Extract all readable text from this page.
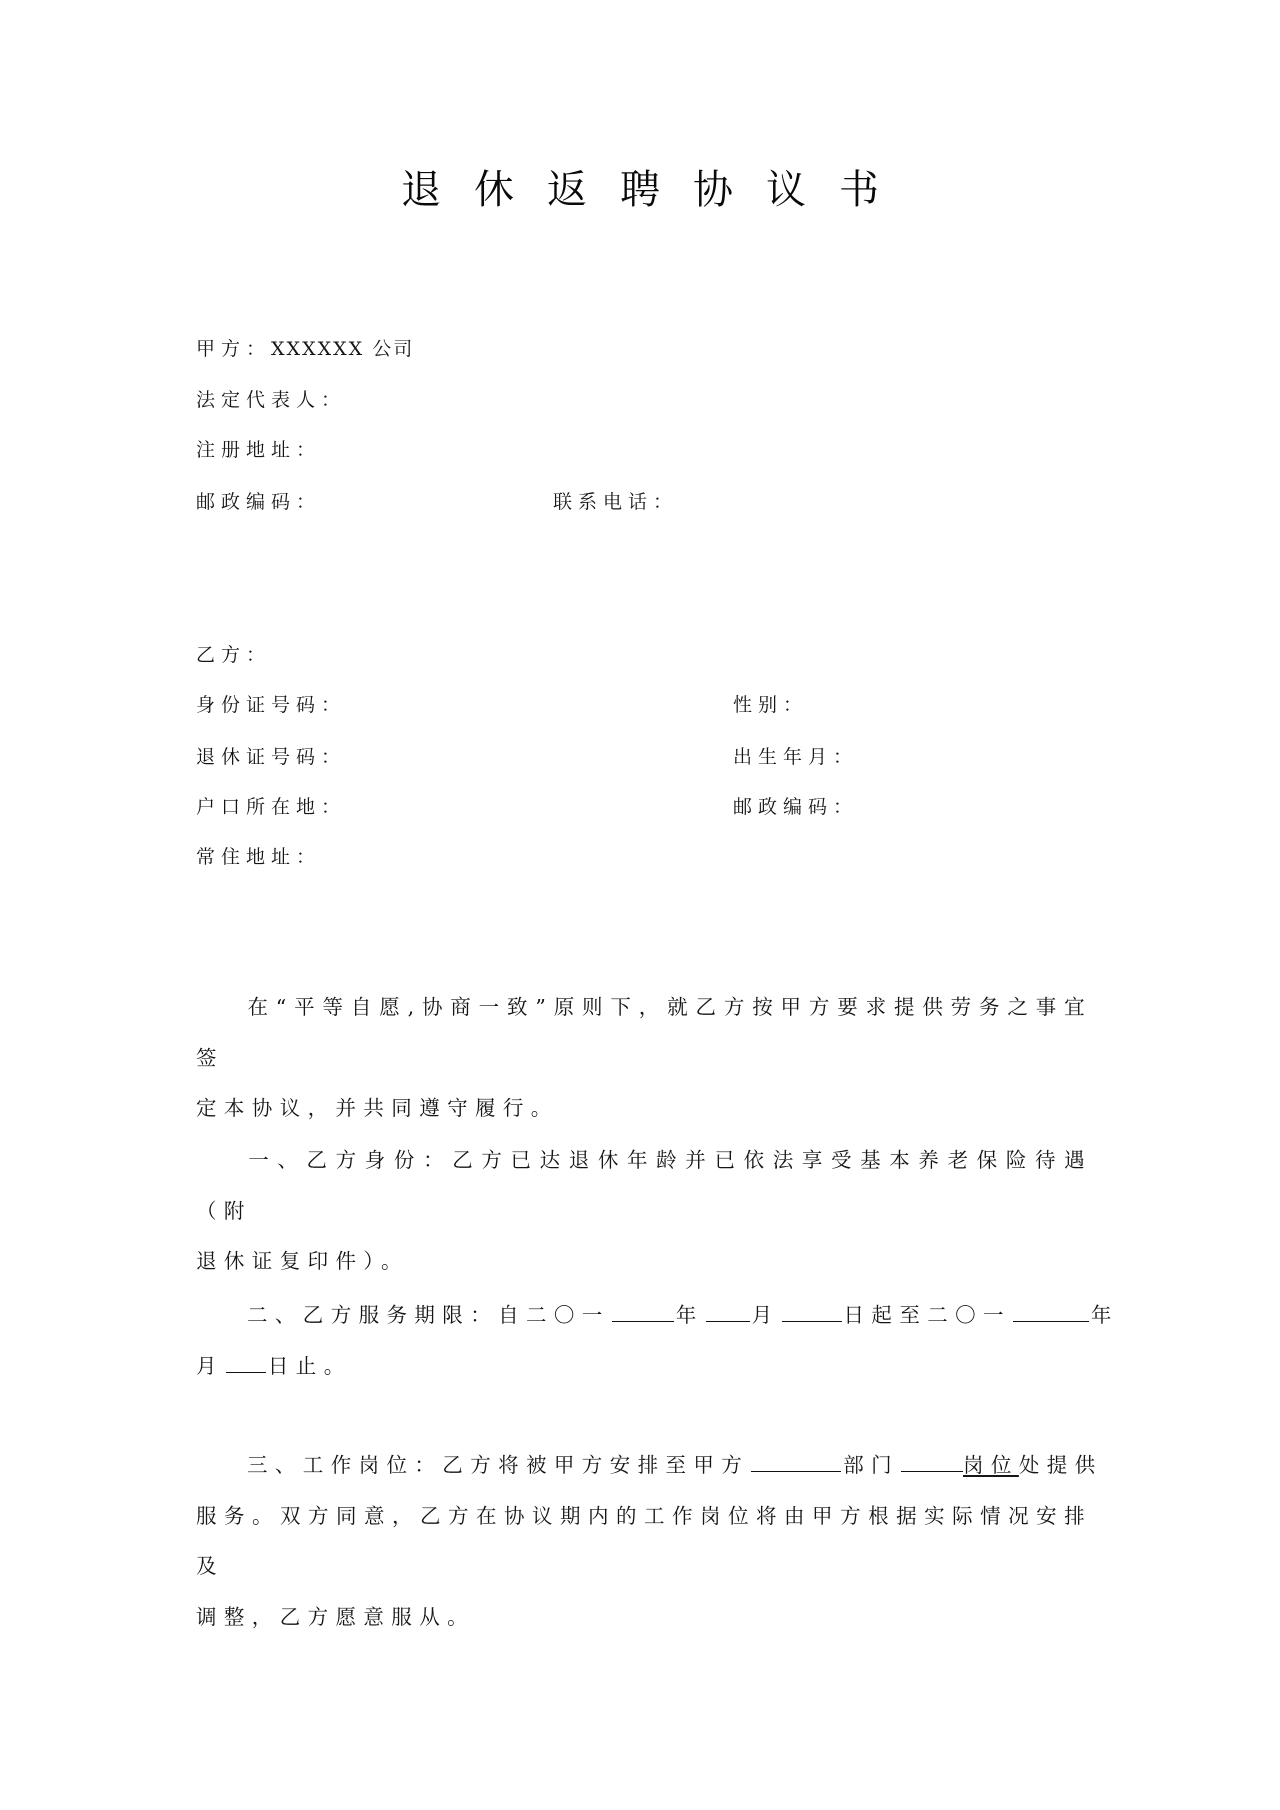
退休返聘协议书
甲方：XXXXXX 公司
法定代表人：
注册地址：
邮政编码：	联系电话：
乙方：
身份证号码：	性别：
退休证号码：	出生年月：
户口所在地：	邮政编码：
常住地址：
在“平等自愿,协商一致”原则下，就乙方按甲方要求提供劳务之事宜签
定本协议，并共同遵守履行。
一、乙方身份：乙方已达退休年龄并已依法享受基本养老保险待遇（附
退休证复印件）。
二、乙方服务期限：自二〇一	年 月	日起至二〇一	年
月 日止。
三、工作岗位：乙方将被甲方安排至甲方	部门	岗位处提供
服务。双方同意，乙方在协议期内的工作岗位将由甲方根据实际情况安排及
调整，乙方愿意服从。
